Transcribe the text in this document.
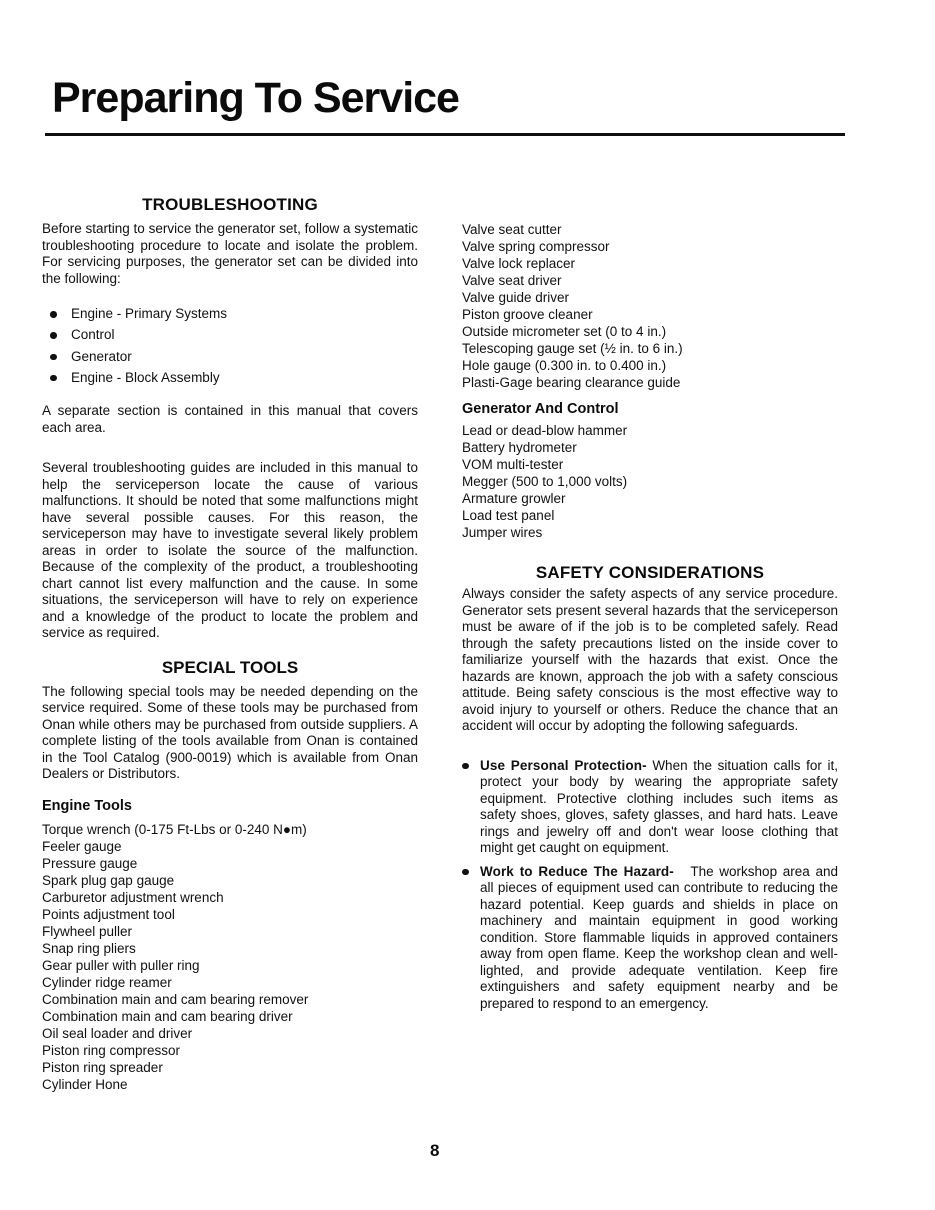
Preparing To Service
TROUBLESHOOTING

Before starting to service the generator set, follow a systematic troubleshooting procedure to locate and isolate the problem. For servicing purposes, the generator set can be divided into the following:

Engine - Primary Systems
Control
Generator
Engine - Block Assembly

A separate section is contained in this manual that covers each area.

Several troubleshooting guides are included in this manual to help the serviceperson locate the cause of various malfunctions. It should be noted that some malfunctions might have several possible causes. For this reason, the serviceperson may have to investigate several likely problem areas in order to isolate the source of the malfunction. Because of the complexity of the product, a troubleshooting chart cannot list every malfunction and the cause. In some situations, the serviceperson will have to rely on experience and a knowledge of the product to locate the problem and service as required.

SPECIAL TOOLS

The following special tools may be needed depending on the service required. Some of these tools may be purchased from Onan while others may be purchased from outside suppliers. A complete listing of the tools available from Onan is contained in the Tool Catalog (900-0019) which is available from Onan Dealers or Distributors.

Engine Tools
Torque wrench (0-175 Ft-Lbs or 0-240 N●m)
Feeler gauge
Pressure gauge
Spark plug gap gauge
Carburetor adjustment wrench
Points adjustment tool
Flywheel puller
Snap ring pliers
Gear puller with puller ring
Cylinder ridge reamer
Combination main and cam bearing remover
Combination main and cam bearing driver
Oil seal loader and driver
Piston ring compressor
Piston ring spreader
Cylinder Hone
Valve seat cutter
Valve spring compressor
Valve lock replacer
Valve seat driver
Valve guide driver
Piston groove cleaner
Outside micrometer set (0 to 4 in.)
Telescoping gauge set (½ in. to 6 in.)
Hole gauge (0.300 in. to 0.400 in.)
Plasti-Gage bearing clearance guide
Generator And Control
Lead or dead-blow hammer
Battery hydrometer
VOM multi-tester
Megger (500 to 1,000 volts)
Armature growler
Load test panel
Jumper wires
SAFETY CONSIDERATIONS

Always consider the safety aspects of any service procedure. Generator sets present several hazards that the serviceperson must be aware of if the job is to be completed safely. Read through the safety precautions listed on the inside cover to familiarize yourself with the hazards that exist. Once the hazards are known, approach the job with a safety conscious attitude. Being safety conscious is the most effective way to avoid injury to yourself or others. Reduce the chance that an accident will occur by adopting the following safeguards.

Use Personal Protection- When the situation calls for it, protect your body by wearing the appropriate safety equipment. Protective clothing includes such items as safety shoes, gloves, safety glasses, and hard hats. Leave rings and jewelry off and don't wear loose clothing that might get caught on equipment.
Work to Reduce The Hazard- The workshop area and all pieces of equipment used can contribute to reducing the hazard potential. Keep guards and shields in place on machinery and maintain equipment in good working condition. Store flammable liquids in approved containers away from open flame. Keep the workshop clean and well-lighted, and provide adequate ventilation. Keep fire extinguishers and safety equipment nearby and be prepared to respond to an emergency.
8
